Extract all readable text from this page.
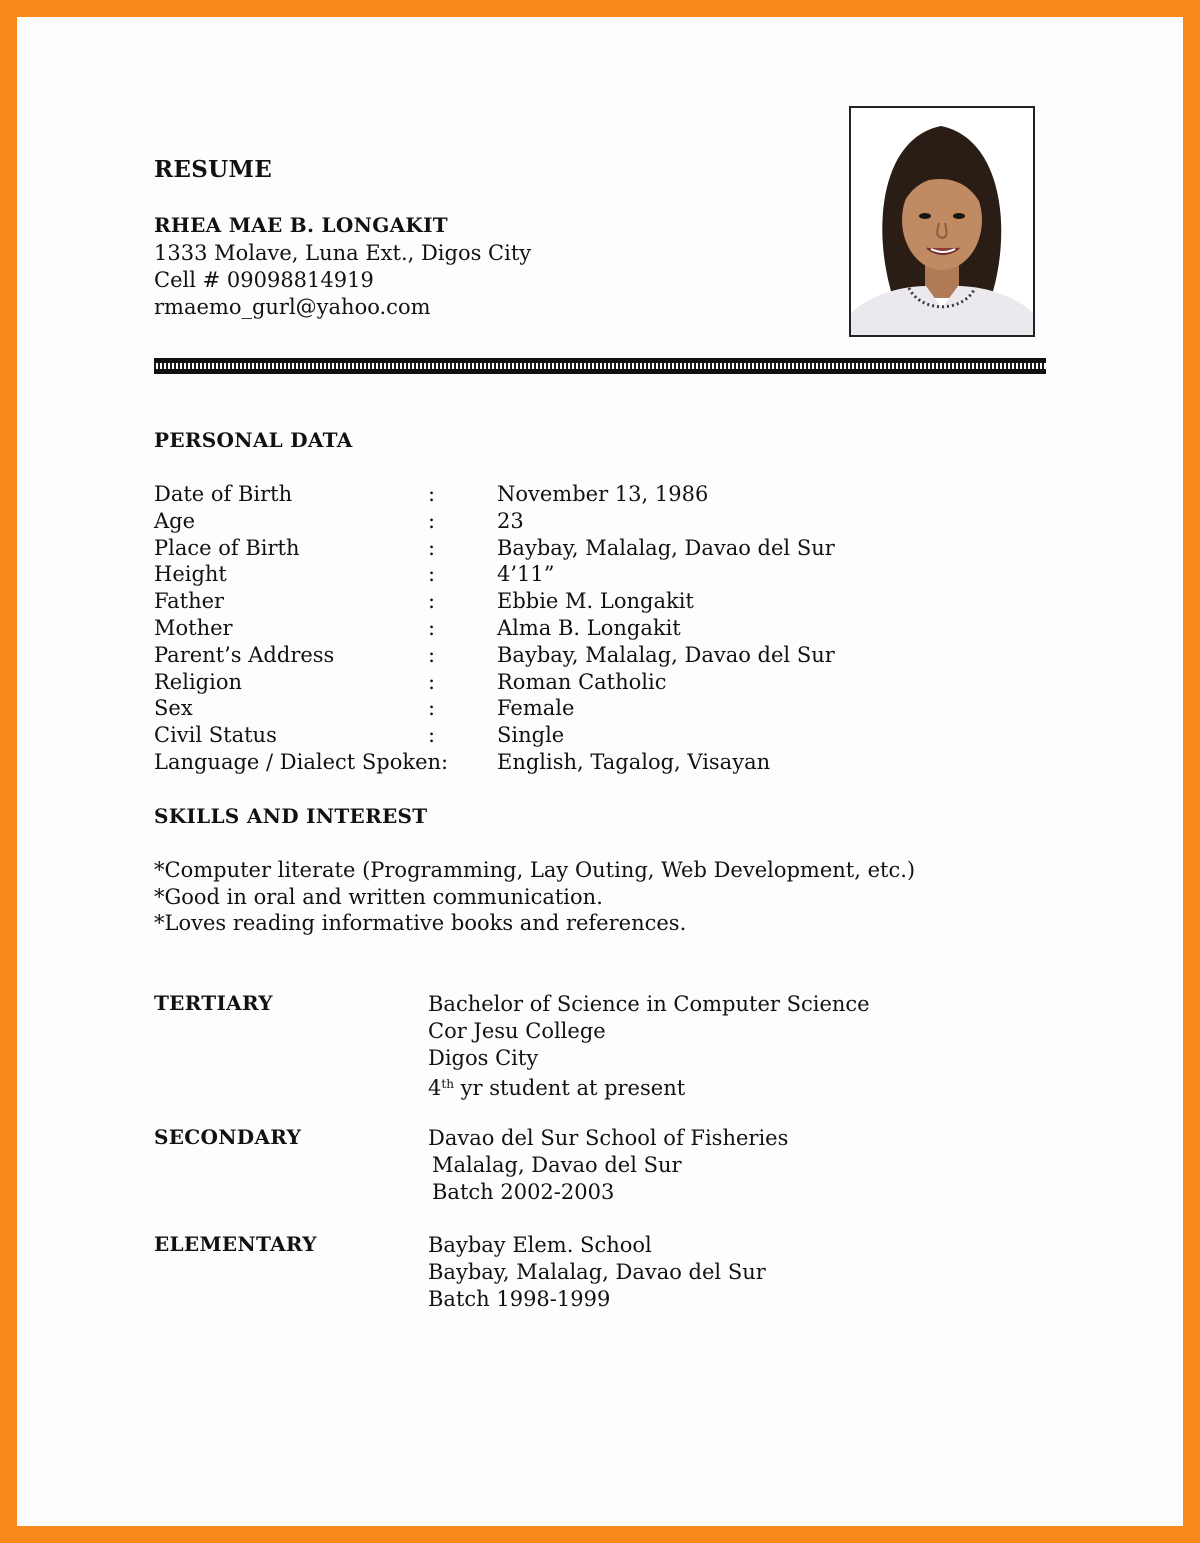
RESUME
RHEA MAE B. LONGAKIT
1333 Molave, Luna Ext., Digos City
Cell # 09098814919
rmaemo_gurl@yahoo.com
PERSONAL DATA
Date of Birth	:	November 13, 1986
Age	:	23
Place of Birth	:	Baybay, Malalag, Davao del Sur
Height	:	4’11”
Father	:	Ebbie M. Longakit
Mother	:	Alma B. Longakit
Parent’s Address	:	Baybay, Malalag, Davao del Sur
Religion	:	Roman Catholic
Sex	:	Female
Civil Status	:	Single
Language / Dialect Spoken: English, Tagalog, Visayan
SKILLS AND INTEREST
*Computer literate (Programming, Lay Outing, Web Development, etc.)
*Good in oral and written communication.
*Loves reading informative books and references.
TERTIARY	Bachelor of Science in Computer Science
Cor Jesu College
Digos City
4th yr student at present
SECONDARY	Davao del Sur School of Fisheries
Malalag, Davao del Sur
Batch 2002-2003
ELEMENTARY	Baybay Elem. School
Baybay, Malalag, Davao del Sur
Batch 1998-1999
